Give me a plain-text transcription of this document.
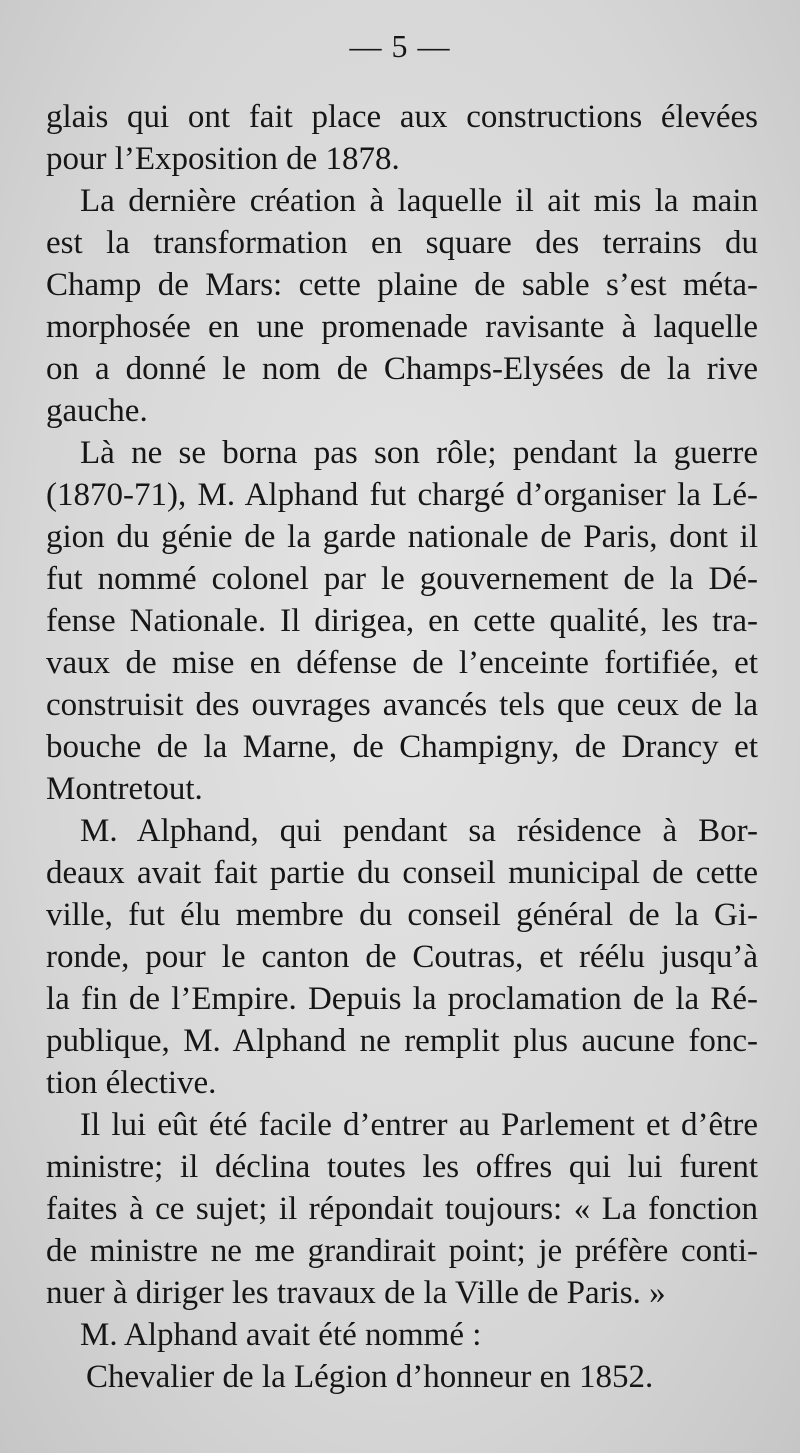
— 5 —
glais qui ont fait place aux constructions élevées
pour l’Exposition de 1878.
La dernière création à laquelle il ait mis la main
est la transformation en square des terrains du
Champ de Mars: cette plaine de sable s’est méta-
morphosée en une promenade ravisante à laquelle
on a donné le nom de Champs-Elysées de la rive
gauche.
Là ne se borna pas son rôle; pendant la guerre
(1870-71), M. Alphand fut chargé d’organiser la Lé-
gion du génie de la garde nationale de Paris, dont il
fut nommé colonel par le gouvernement de la Dé-
fense Nationale. Il dirigea, en cette qualité, les tra-
vaux de mise en défense de l’enceinte fortifiée, et
construisit des ouvrages avancés tels que ceux de la
bouche de la Marne, de Champigny, de Drancy et
Montretout.
M. Alphand, qui pendant sa résidence à Bor-
deaux avait fait partie du conseil municipal de cette
ville, fut élu membre du conseil général de la Gi-
ronde, pour le canton de Coutras, et réélu jusqu’à
la fin de l’Empire. Depuis la proclamation de la Ré-
publique, M. Alphand ne remplit plus aucune fonc-
tion élective.
Il lui eût été facile d’entrer au Parlement et d’être
ministre; il déclina toutes les offres qui lui furent
faites à ce sujet; il répondait toujours: « La fonction
de ministre ne me grandirait point; je préfère conti-
nuer à diriger les travaux de la Ville de Paris. »
M. Alphand avait été nommé :
Chevalier de la Légion d’honneur en 1852.
